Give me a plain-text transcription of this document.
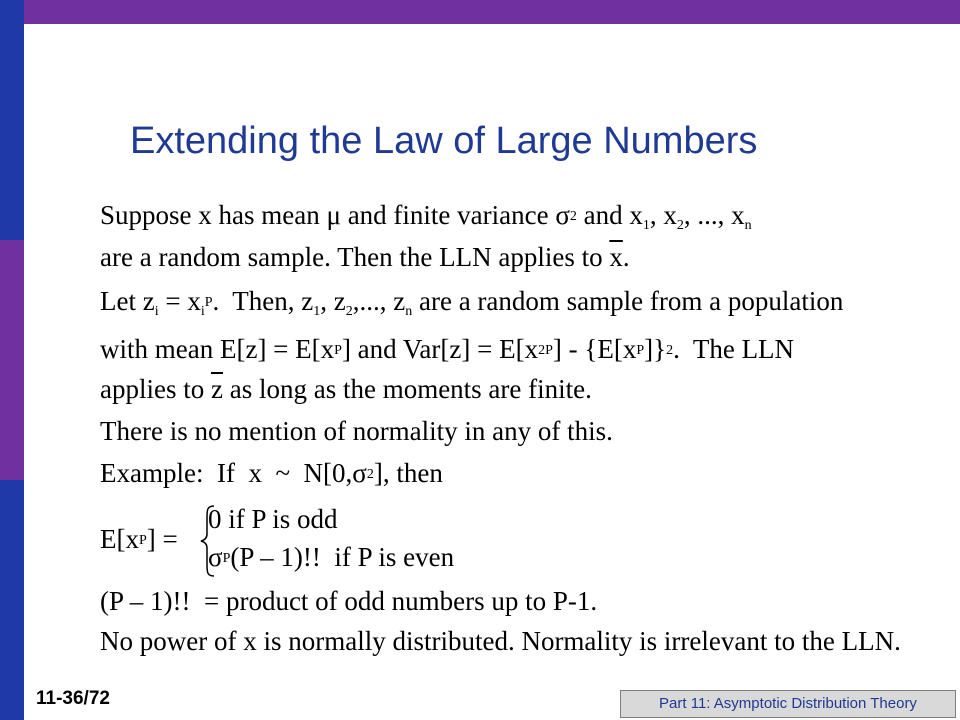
Extending the Law of Large Numbers
Suppose x has mean μ and finite variance $\sigma^2$ and $x_1$, $x_2$, ..., $x_n$
are a random sample. Then the LLN applies to $\overline{x}$.
Let $z_i = x_i^P$.  Then, $z_1$, $z_2$,..., $z_n$ are a random sample from a population
with mean $E[z] = E[x^P]$ and $Var[z] = E[x^{2P}] - \{E[x^P]\}^2$.  The LLN
applies to $\overline{z}$ as long as the moments are finite.
There is no mention of normality in any of this.
Example:  If  x  ~  $N[0,\sigma^2]$, then
$E[x^P]$ =
0 if P is odd
$\sigma^P(P - 1)$!!  if P is even
(P – 1)!!  = product of odd numbers up to P-1.
No power of x is normally distributed. Normality is irrelevant to the LLN.
11-36/72	Part 11: Asymptotic Distribution Theory
